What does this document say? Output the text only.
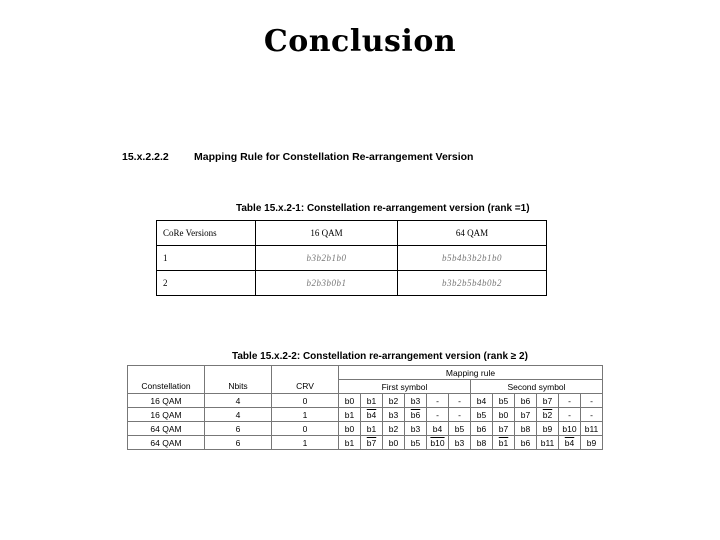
Conclusion
15.x.2.2.2 Mapping Rule for Constellation Re-arrangement Version
Table 15.x.2-1: Constellation re-arrangement version (rank =1)
CoRe Versions	16 QAM	64 QAM
1	b3b2b1b0	b5b4b3b2b1b0
2	b2b3b0b1	b3b2b5b4b0b2
Table 15.x.2-2: Constellation re-arrangement version (rank ≥ 2)
			Mapping rule											
Constellation	Nbits	CRV	First symbol						Second symbol					
16 QAM	4	0	b0	b1	b2	b3	-	-	b4	b5	b6	b7	-	-
16 QAM	4	1	b1	b4	b3	b6	-	-	b5	b0	b7	b2	-	-
64 QAM	6	0	b0	b1	b2	b3	b4	b5	b6	b7	b8	b9	b10	b11
64 QAM	6	1	b1	b7	b0	b5	b10	b3	b8	b1	b6	b11	b4	b9
